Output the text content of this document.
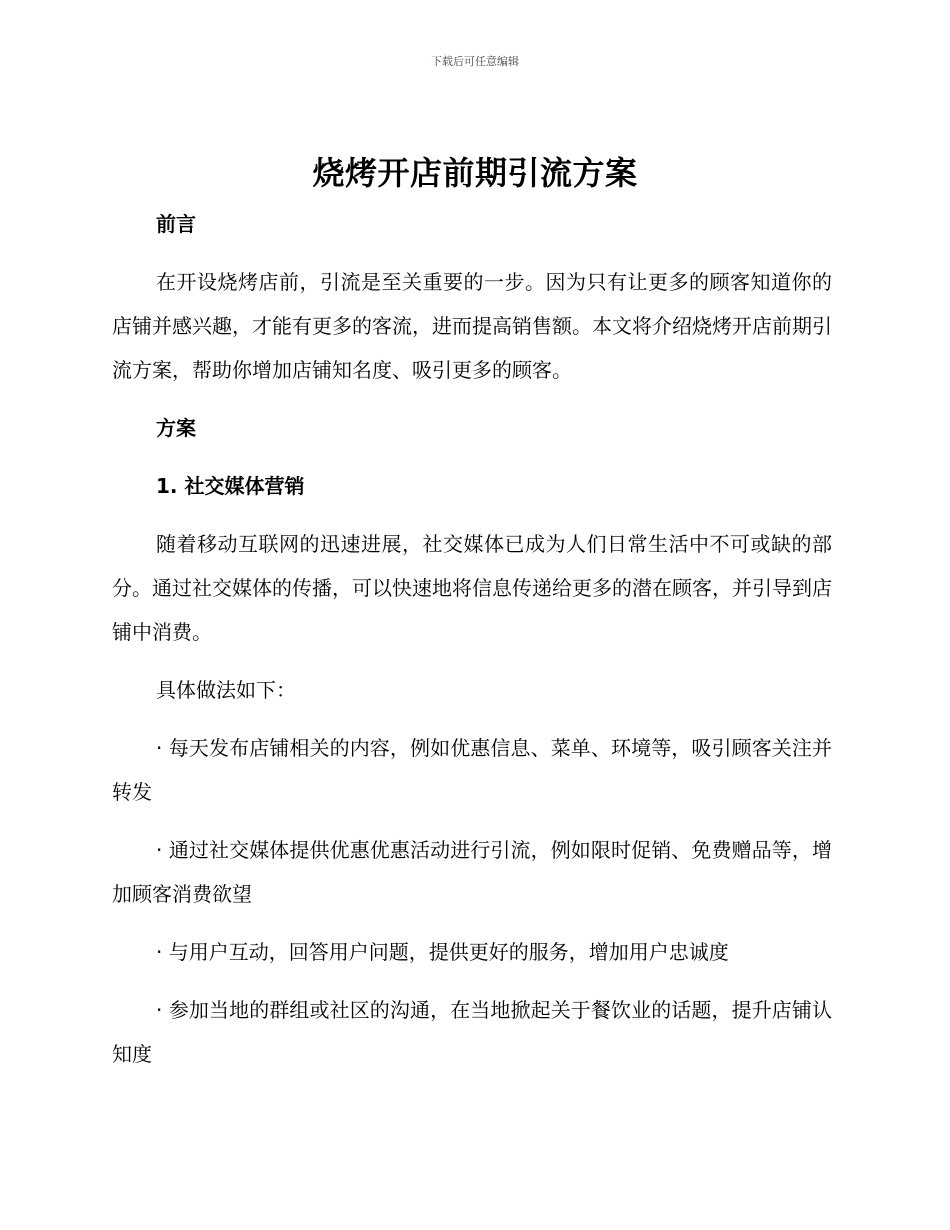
下载后可任意编辑
烧烤开店前期引流方案

前言

在开设烧烤店前，引流是至关重要的一步。因为只有让更多的顾客知道你的店铺并感兴趣，才能有更多的客流，进而提高销售额。本文将介绍烧烤开店前期引流方案，帮助你增加店铺知名度、吸引更多的顾客。

方案

1. 社交媒体营销

随着移动互联网的迅速进展，社交媒体已成为人们日常生活中不可或缺的部分。通过社交媒体的传播，可以快速地将信息传递给更多的潜在顾客，并引导到店铺中消费。

具体做法如下：

· 每天发布店铺相关的内容，例如优惠信息、菜单、环境等，吸引顾客关注并转发

· 通过社交媒体提供优惠优惠活动进行引流，例如限时促销、免费赠品等，增加顾客消费欲望

· 与用户互动，回答用户问题，提供更好的服务，增加用户忠诚度

· 参加当地的群组或社区的沟通，在当地掀起关于餐饮业的话题，提升店铺认知度
